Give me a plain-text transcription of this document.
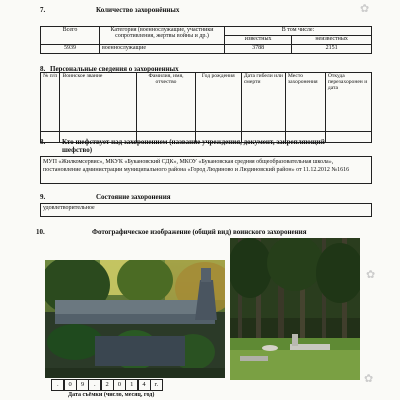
✿
✿
✿
7.	Количество захоронённых
Всего	Категория (военнослужащие, участники сопротивления, жертвы войны и др.)	В том числе:	
		известных	неизвестных
5939	военнослужащие	3788	2151
8. Персональные сведения о захороненных
№ п/п	Воинское звание	Фамилия, имя, отчество	Год рождения	Дата гибели или смерти	Место захоронения	Откуда перезахоронен и дата

8. Кто шефствует над захоронением (название учреждения, документ, закрепляющий шефство)
МУП «Жилкомсервис», МКУК «Букановский СДК», МКОУ «Букановская средняя общеобразовательная школа», постановление администрации муниципального района «Город Людиново и Людиновский район» от 11.12.2012 №1616
9.	Состояние захоронения
удовлетворительное
10.	Фотографическое изображение (общий вид) воинского захоронения
.	0	9	.	2	0	1	4	г.
Дата съёмки (число, месяц, год)
